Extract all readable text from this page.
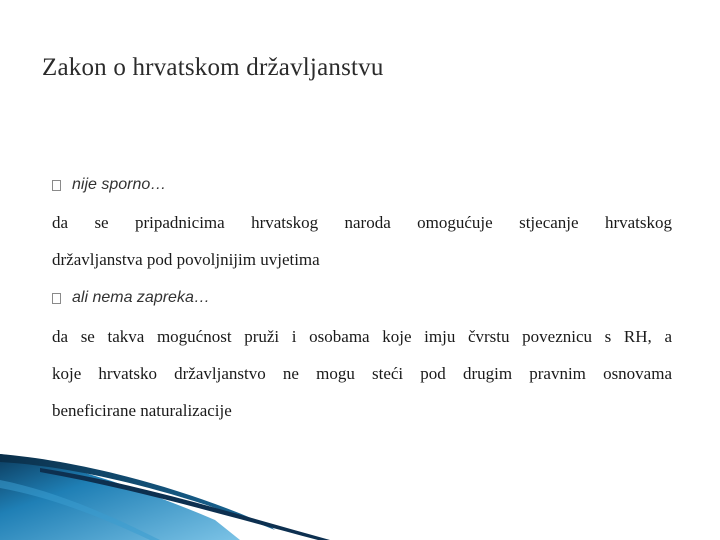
Zakon o hrvatskom državljanstvu
nije sporno…
da se pripadnicima hrvatskog naroda omogućuje stjecanje hrvatskog
državljanstva pod povoljnijim uvjetima
ali nema zapreka…
da se takva mogućnost pruži i osobama koje imju čvrstu poveznicu s RH, a
koje hrvatsko državljanstvo ne mogu steći pod drugim pravnim osnovama
beneficirane naturalizacije
